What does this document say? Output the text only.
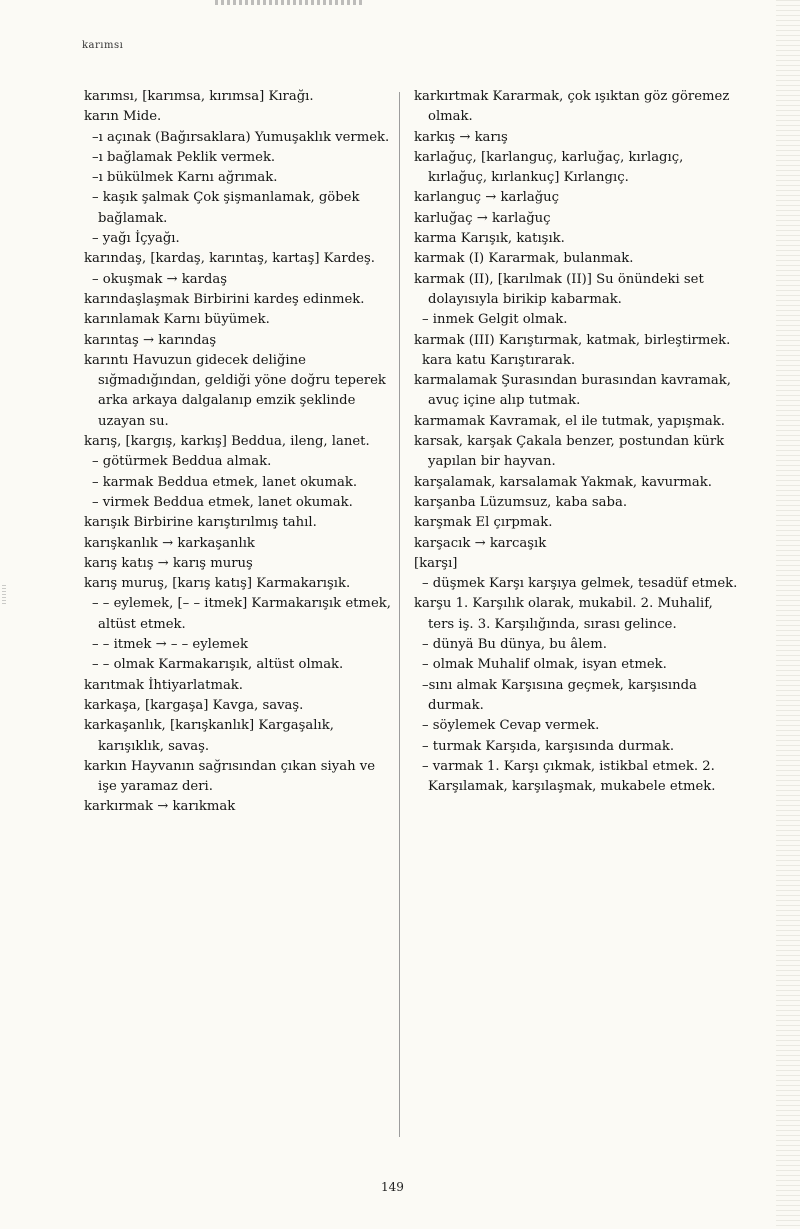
karımsı

karımsı, [karımsa, kırımsa] Kırağı.

karın Mide.

–ı açınak (Bağırsaklara) Yumuşaklık vermek.

–ı bağlamak Peklik vermek.

–ı bükülmek Karnı ağrımak.

– kaşık şalmak Çok şişmanlamak, göbek bağlamak.

– yağı İçyağı.

karındaş, [kardaş, karıntaş, kartaş] Kardeş.

– okuşmak → kardaş

karındaşlaşmak Birbirini kardeş edinmek.

karınlamak Karnı büyümek.

karıntaş → karındaş

karıntı Havuzun gidecek deliğine sığmadığından, geldiği yöne doğru teperek arka arkaya dalgalanıp emzik şeklinde uzayan su.

karış, [kargış, karkış] Beddua, ileng, lanet.

– götürmek Beddua almak.

– karmak Beddua etmek, lanet okumak.

– virmek Beddua etmek, lanet okumak.

karışık Birbirine karıştırılmış tahıl.

karışkanlık → karkaşanlık

karış katış → karış muruş

karış muruş, [karış katış] Karmakarışık.

– – eylemek, [– – itmek] Karmakarışık etmek, altüst etmek.

– – itmek → – – eylemek

– – olmak Karmakarışık, altüst olmak.

karıtmak İhtiyarlatmak.

karkaşa, [kargaşa] Kavga, savaş.

karkaşanlık, [karışkanlık] Kargaşalık, karışıklık, savaş.

karkın Hayvanın sağrısından çıkan siyah ve işe yaramaz deri.

karkırmak → karıkmak

karkırtmak Kararmak, çok ışıktan göz göremez olmak.

karkış → karış

karlağuç, [karlanguç, karluğaç, kırlagıç, kırlağuç, kırlankuç] Kırlangıç.

karlanguç → karlağuç

karluğaç → karlağuç

karma Karışık, katışık.

karmak (I) Kararmak, bulanmak.

karmak (II), [karılmak (II)] Su önündeki set dolayısıyla birikip kabarmak.

– inmek Gelgit olmak.

karmak (III) Karıştırmak, katmak, birleştirmek.

kara katu Karıştırarak.

karmalamak Şurasından burasından kavramak, avuç içine alıp tutmak.

karmamak Kavramak, el ile tutmak, yapışmak.

karsak, karşak Çakala benzer, postundan kürk yapılan bir hayvan.

karşalamak, karsalamak Yakmak, kavurmak.

karşanba Lüzumsuz, kaba saba.

karşmak El çırpmak.

karşacık → karcaşık

[karşı]

– düşmek Karşı karşıya gelmek, tesadüf etmek.

karşu 1. Karşılık olarak, mukabil. 2. Muhalif, ters iş. 3. Karşılığında, sırası gelince.

– dünyä Bu dünya, bu âlem.

– olmak Muhalif olmak, isyan etmek.

–sını almak Karşısına geçmek, karşısında durmak.

– söylemek Cevap vermek.

– turmak Karşıda, karşısında durmak.

– varmak 1. Karşı çıkmak, istikbal etmek. 2. Karşılamak, karşılaşmak, mukabele etmek.

149
